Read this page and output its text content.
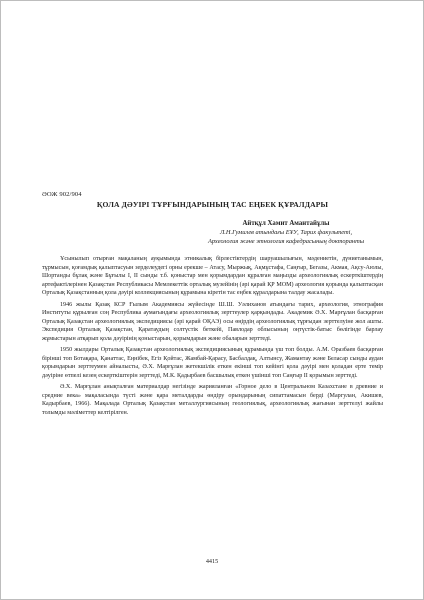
ӘОЖ 902/904
ҚОЛА ДӘУІРІ ТҰРҒЫНДАРЫНЫҢ ТАС ЕҢБЕК ҚҰРАЛДАРЫ
Айтқұл Хамит Амантайұлы
Л.Н.Гумилев атындағы ЕҰУ, Тарих факультеті,
Археология және этнология кафедрасының докторанты

Ұсынылып отырған мақаланың ауқымында этникалық бірлестіктердің шаруашылығын, мәдениетін, дүниетанымын, тұрмысын, қоғамдық қалыптасуын зерделеудегі орны ерекше – Атасу, Мыржық, Ақмұстафа, Саңғыр, Бегазы, Акмая, Ақсу-Аюлы, Шортанды бұлақ және Бұғылы I, II сынды т.б. қоныстар мен қорымдардан құралған маңызды археологиялық ескерткіштердің артефактілерінен Қазақстан Республикасы Мемлекеттік орталық музейінің (әрі қарай ҚР МОМ) археология қорында қалыптасқан Орталық Қазақстанның қола дәуірі коллекциясының құрамына кіретін тас еңбек құралдарына талдау жасалады.

1946 жылы Қазақ КСР Ғылым Академиясы жүйесінде Ш.Ш. Уәлиханов атындағы тарих, археология, этнография Институты құрылған соң Республика аумағындағы археологиялық зерттеулер қарқындады. Академик Ә.Х. Марғұлан басқарған Орталық Қазақстан археологиялық экспедициясы (әрі қарай ОҚАЭ) осы өңірдің археологиялық тұрғыдан зерттелуіне жол ашты. Экспедиция Орталық Қазақстан, Қаратаудың солтүстік беткейі, Павлодар облысының оңтүстік-батыс бөлігінде барлау жұмыстарын атқарып қола дәуірінің қоныстарын, қорымдарын және обаларын зерттеді.

1950 жылдары Орталық Қазақстан археологиялық экспедициясының құрамында үш топ болды. А.М. Оразбаев басқарған бірінші топ Ботақара, Қанаттас, Еңнібек, Егіз Қойтас, Жамбай-Қарасу, Басбалдақ, Алтынсу, Жамантау және Беласар сынды аудан қорымдарын зерттеумен айналысты, Ә.Х. Марғұлан жетекшілік еткен екінші топ кейінгі қола дәуірі мен қоладан ерте темір дәуіріне өтпелі кезең ескерткіштерін зерттеді, М.К. Қадырбаев басшылық еткен үшінші топ Саңғыр II қорымын зерттеді.

Ә.Х. Марғұлан анықталған материалдар негізінде жарияланған «Горное дело в Центральном Казахстане в древние и средние века» мақаласында түсті және қара металдарды өндіру орындарының сипаттамасын берді (Маргулан, Акишев, Кадырбаев, 1966). Мақалада Орталық Қазақстан металлургиясының геологиялық, археологиялық жағынан зерттелуі жайлы толымды мәліметтер келтірілген.

4415
